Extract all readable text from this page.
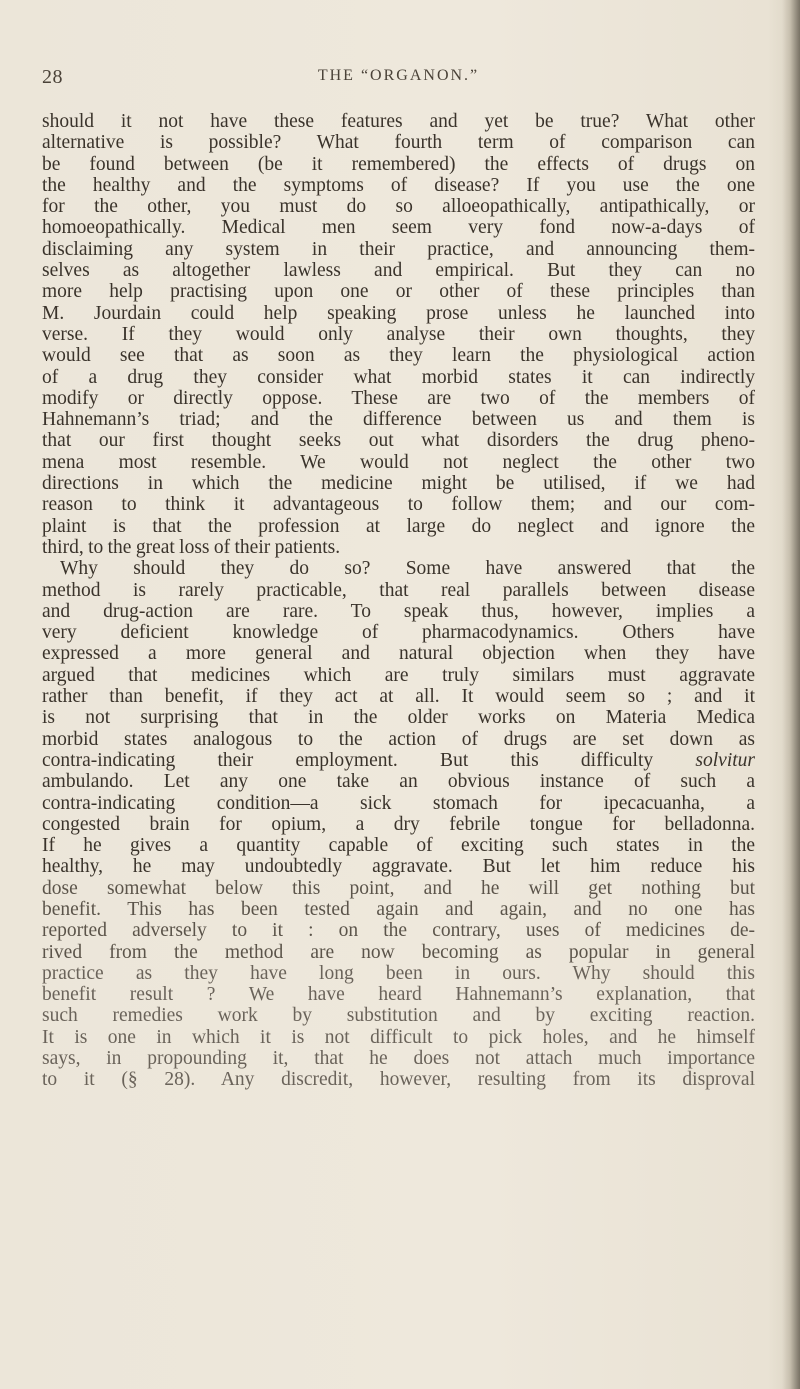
28	THE “ORGANON.”
should it not have these features and yet be true? What other
alternative is possible? What fourth term of comparison can
be found between (be it remembered) the effects of drugs on
the healthy and the symptoms of disease? If you use the one
for the other, you must do so alloeopathically, antipathically, or
homoeopathically. Medical men seem very fond now-a-days of
disclaiming any system in their practice, and announcing them-
selves as altogether lawless and empirical. But they can no
more help practising upon one or other of these principles than
M. Jourdain could help speaking prose unless he launched into
verse. If they would only analyse their own thoughts, they
would see that as soon as they learn the physiological action
of a drug they consider what morbid states it can indirectly
modify or directly oppose. These are two of the members of
Hahnemann’s triad; and the difference between us and them is
that our first thought seeks out what disorders the drug pheno-
mena most resemble. We would not neglect the other two
directions in which the medicine might be utilised, if we had
reason to think it advantageous to follow them; and our com-
plaint is that the profession at large do neglect and ignore the
third, to the great loss of their patients.
Why should they do so? Some have answered that the
method is rarely practicable, that real parallels between disease
and drug-action are rare. To speak thus, however, implies a
very deficient knowledge of pharmacodynamics. Others have
expressed a more general and natural objection when they have
argued that medicines which are truly similars must aggravate
rather than benefit, if they act at all. It would seem so ; and it
is not surprising that in the older works on Materia Medica
morbid states analogous to the action of drugs are set down as
contra-indicating their employment. But this difficulty solvitur
ambulando. Let any one take an obvious instance of such a
contra-indicating condition—a sick stomach for ipecacuanha, a
congested brain for opium, a dry febrile tongue for belladonna.
If he gives a quantity capable of exciting such states in the
healthy, he may undoubtedly aggravate. But let him reduce his
dose somewhat below this point, and he will get nothing but
benefit. This has been tested again and again, and no one has
reported adversely to it : on the contrary, uses of medicines de-
rived from the method are now becoming as popular in general
practice as they have long been in ours. Why should this
benefit result ? We have heard Hahnemann’s explanation, that
such remedies work by substitution and by exciting reaction.
It is one in which it is not difficult to pick holes, and he himself
says, in propounding it, that he does not attach much importance
to it (§ 28). Any discredit, however, resulting from its disproval
